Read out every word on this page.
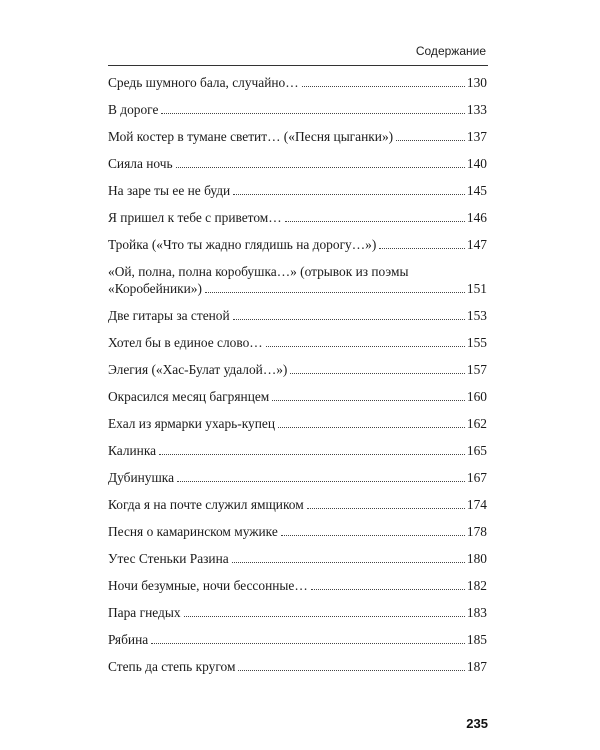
Содержание
Средь шумного бала, случайно…	130
В дороге	133
Мой костер в тумане светит… («Песня цыганки»)	137
Сияла ночь	140
На заре ты ее не буди	145
Я пришел к тебе с приветом…	146
Тройка («Что ты жадно глядишь на дорогу…»)	147
«Ой, полна, полна коробушка…» (отрывок из поэмы
«Коробейники»)	151
Две гитары за стеной	153
Хотел бы в единое слово…	155
Элегия («Хас-Булат удалой…»)	157
Окрасился месяц багрянцем	160
Ехал из ярмарки ухарь-купец	162
Калинка	165
Дубинушка	167
Когда я на почте служил ямщиком	174
Песня о камаринском мужике	178
Утес Стеньки Разина	180
Ночи безумные, ночи бессонные…	182
Пара гнедых	183
Рябина	185
Степь да степь кругом	187
235
